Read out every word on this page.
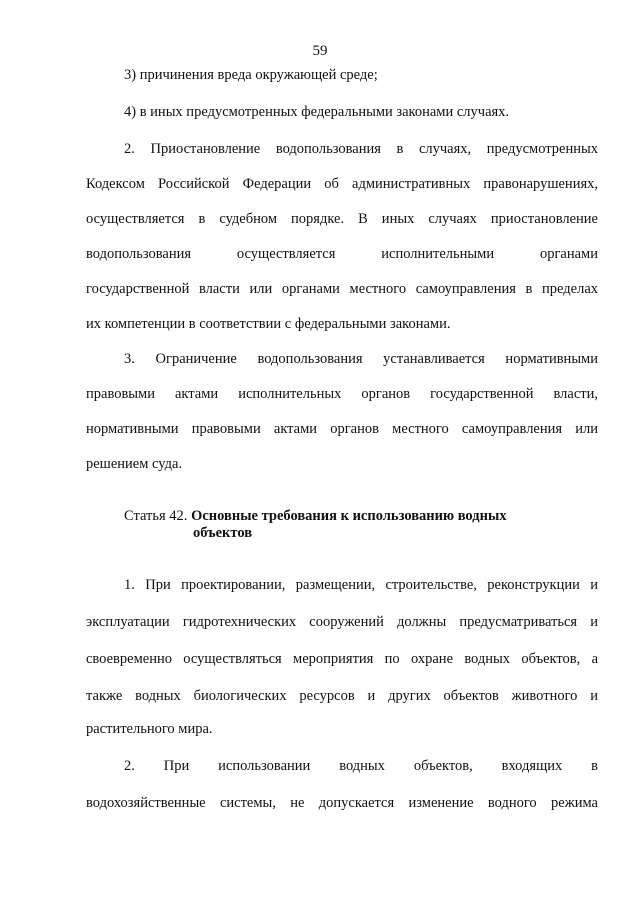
59
3) причинения вреда окружающей среде;
4) в иных предусмотренных федеральными законами случаях.
2. Приостановление водопользования в случаях, предусмотренных
Кодексом Российской Федерации об административных правонарушениях,
осуществляется в судебном порядке. В иных случаях приостановление
водопользования осуществляется исполнительными органами
государственной власти или органами местного самоуправления в пределах
их компетенции в соответствии с федеральными законами.
3. Ограничение водопользования устанавливается нормативными
правовыми актами исполнительных органов государственной власти,
нормативными правовыми актами органов местного самоуправления или
решением суда.
Статья 42. Основные требования к использованию водных
объектов
1. При проектировании, размещении, строительстве, реконструкции и
эксплуатации гидротехнических сооружений должны предусматриваться и
своевременно осуществляться мероприятия по охране водных объектов, а
также водных биологических ресурсов и других объектов животного и
растительного мира.
2. При использовании водных объектов, входящих в
водохозяйственные системы, не допускается изменение водного режима
